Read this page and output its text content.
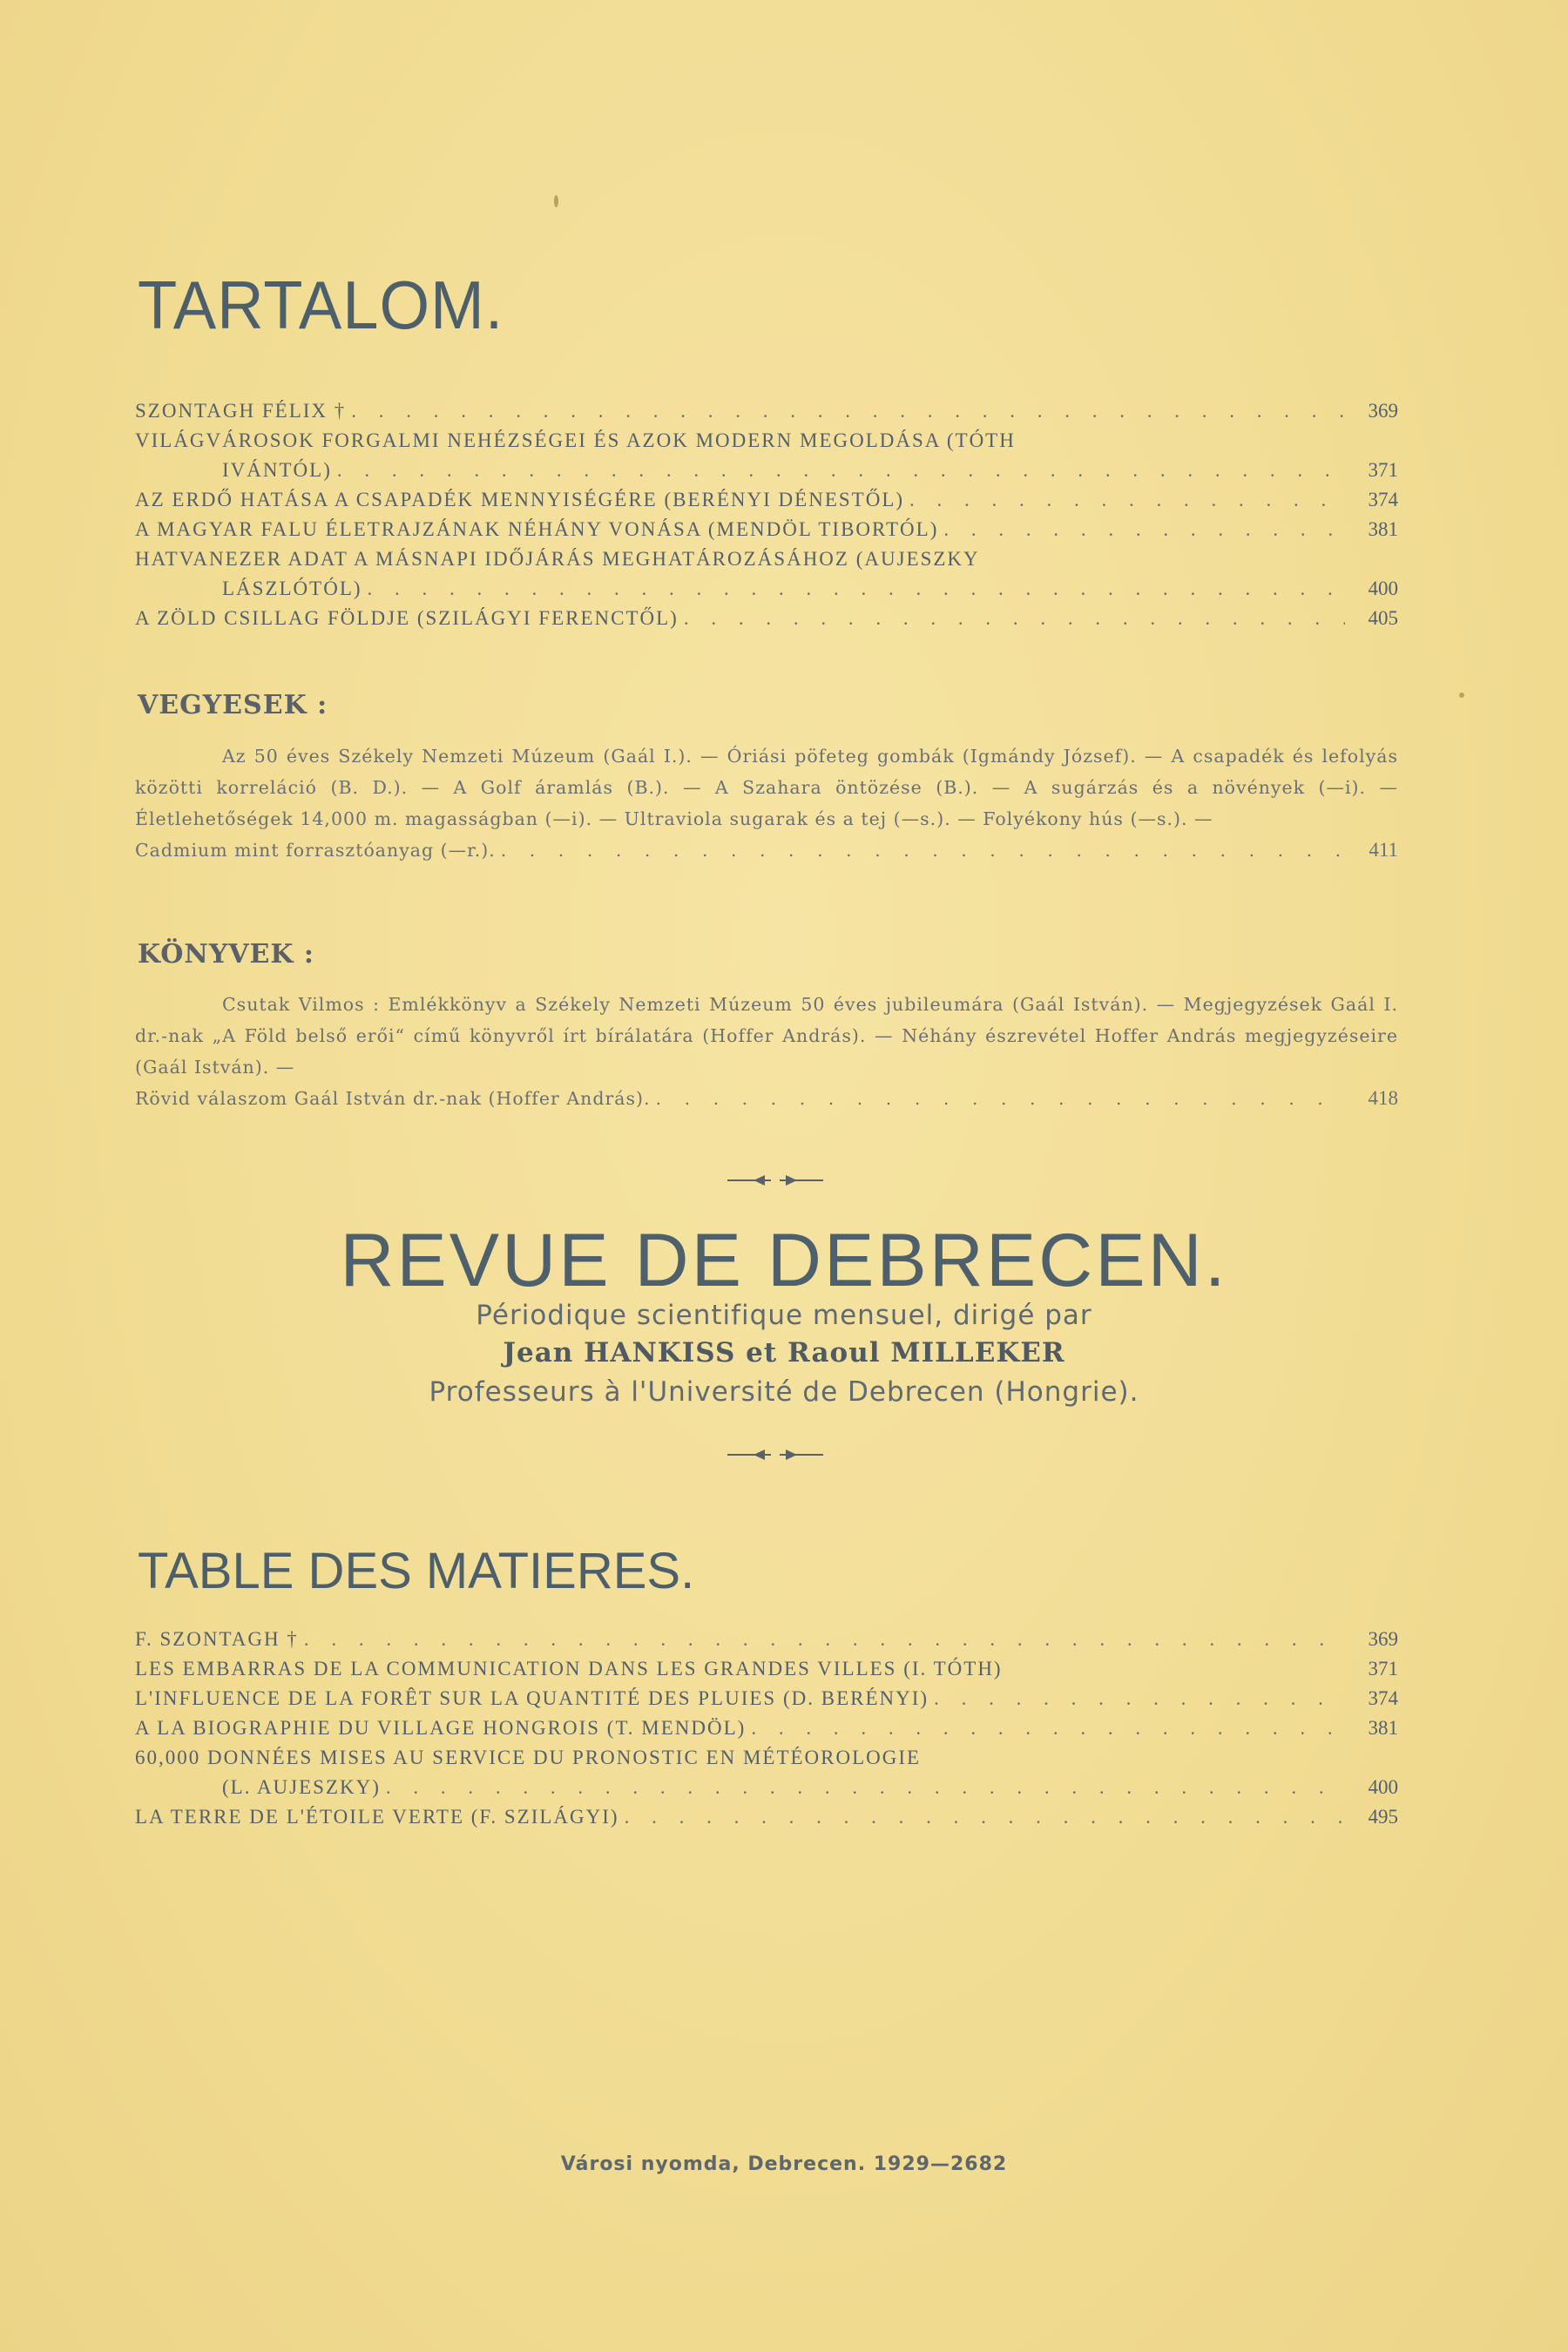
TARTALOM.
SZONTAGH FÉLIX † . . .	369
VILÁGVÁROSOK FORGALMI NEHÉZSÉGEI ÉS AZOK MODERN MEGOLDÁSA (TÓTH
IVÁNTÓL) . . .	371
AZ ERDŐ HATÁSA A CSAPADÉK MENNYISÉGÉRE (BERÉNYI DÉNESTŐL) . . .	374
A MAGYAR FALU ÉLETRAJZÁNAK NÉHÁNY VONÁSA (MENDÖL TIBORTÓL) . . .	381
HATVANEZER ADAT A MÁSNAPI IDŐJÁRÁS MEGHATÁROZÁSÁHOZ (AUJESZKY
LÁSZLÓTÓL) . . .	400
A ZÖLD CSILLAG FÖLDJE (SZILÁGYI FERENCTŐL) . . .	405
VEGYESEK :

Az 50 éves Székely Nemzeti Múzeum (Gaál I.). — Óriási pöfeteg gombák (Igmándy József). — A csapadék és lefolyás közötti korreláció (B. D.). — A Golf áramlás (B.). — A Szahara öntözése (B.). — A sugárzás és a növények (—i). — Életlehetőségek 14,000 m. magasságban (—i). — Ultraviola sugarak és a tej (—s.). — Folyékony hús (—s.). —

Cadmium mint forrasztóanyag (—r.). . . .	411
KÖNYVEK :

Csutak Vilmos : Emlékkönyv a Székely Nemzeti Múzeum 50 éves jubileumára (Gaál István). — Megjegyzések Gaál I. dr.-nak „A Föld belső erői“ című könyvről írt bírálatára (Hoffer András). — Néhány észrevétel Hoffer András megjegyzéseire (Gaál István). —

Rövid válaszom Gaál István dr.-nak (Hoffer András). . . .	418
REVUE DE DEBRECEN.
Périodique scientifique mensuel, dirigé par
Jean HANKISS et Raoul MILLEKER
Professeurs à l'Université de Debrecen (Hongrie).
TABLE DES MATIERES.
F. SZONTAGH † . . .	369
LES EMBARRAS DE LA COMMUNICATION DANS LES GRANDES VILLES (I. TÓTH)	371
L'INFLUENCE DE LA FORÊT SUR LA QUANTITÉ DES PLUIES (D. BERÉNYI) . . .	374
A LA BIOGRAPHIE DU VILLAGE HONGROIS (T. MENDÖL) . . .	381
60,000 DONNÉES MISES AU SERVICE DU PRONOSTIC EN MÉTÉOROLOGIE
(L. AUJESZKY) . . .	400
LA TERRE DE L'ÉTOILE VERTE (F. SZILÁGYI) . . .	495
Városi nyomda, Debrecen. 1929—2682
